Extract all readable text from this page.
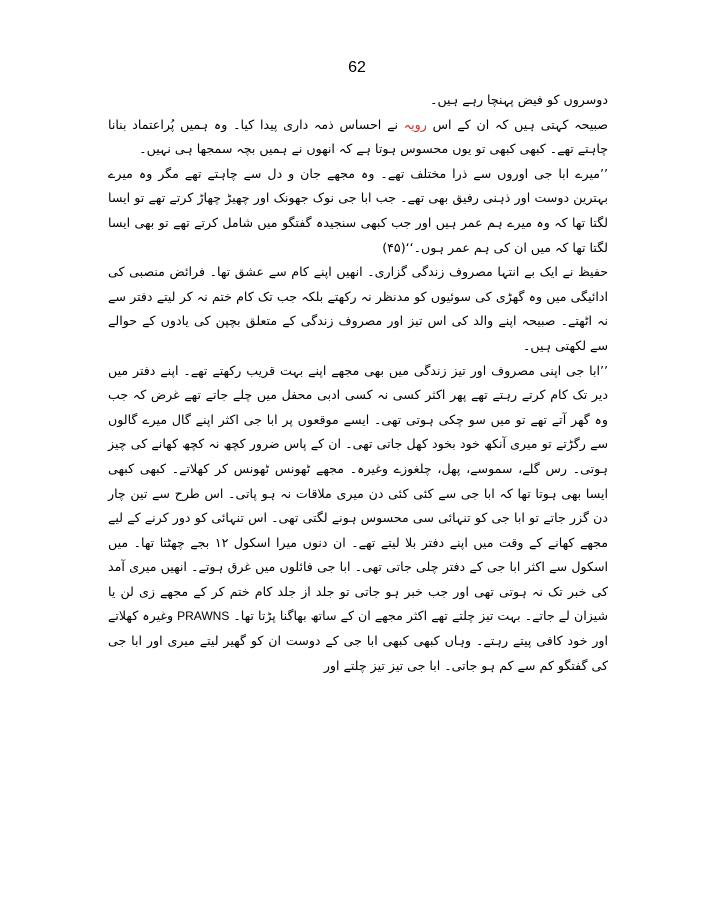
62

دوسروں کو فیض پہنچا رہے ہیں۔

صبیحہ کہتی ہیں کہ ان کے اس رویہ نے احساس ذمہ داری پیدا کیا۔ وہ ہمیں پُراعتماد بنانا چاہتے تھے۔ کبھی کبھی تو یوں محسوس ہوتا ہے کہ انھوں نے ہمیں بچہ سمجھا ہی نہیں۔

’’میرے ابا جی اوروں سے ذرا مختلف تھے۔ وہ مجھے جان و دل سے چاہتے تھے مگر وہ میرے بہترین دوست اور ذہنی رفیق بھی تھے۔ جب ابا جی نوک جھونک اور چھیڑ چھاڑ کرتے تھے تو ایسا لگتا تھا کہ وہ میرے ہم عمر ہیں اور جب کبھی سنجیدہ گفتگو میں شامل کرتے تھے تو بھی ایسا لگتا تھا کہ میں ان کی ہم عمر ہوں۔‘‘(۴۵)

حفیظ نے ایک بے انتہا مصروف زندگی گزاری۔ انھیں اپنے کام سے عشق تھا۔ فرائض منصبی کی ادائیگی میں وہ گھڑی کی سوئیوں کو مدنظر نہ رکھتے بلکہ جب تک کام ختم نہ کر لیتے دفتر سے نہ اٹھتے۔ صبیحہ اپنے والد کی اس تیز اور مصروف زندگی کے متعلق بچپن کی یادوں کے حوالے سے لکھتی ہیں۔

’’ابا جی اپنی مصروف اور تیز زندگی میں بھی مجھے اپنے بہت قریب رکھتے تھے۔ اپنے دفتر میں دیر تک کام کرتے رہتے تھے پھر اکثر کسی نہ کسی ادبی محفل میں چلے جاتے تھے غرض کہ جب وہ گھر آتے تھے تو میں سو چکی ہوتی تھی۔ ایسے موقعوں پر ابا جی اکثر اپنے گال میرے گالوں سے رگڑتے تو میری آنکھ خود بخود کھل جاتی تھی۔ ان کے پاس ضرور کچھ نہ کچھ کھانے کی چیز ہوتی۔ رس گلے، سموسے، پھل، چلغوزے وغیرہ۔ مجھے ٹھونس ٹھونس کر کھلاتے۔ کبھی کبھی ایسا بھی ہوتا تھا کہ ابا جی سے کئی کئی دن میری ملاقات نہ ہو پاتی۔ اس طرح سے تین چار دن گزر جاتے تو ابا جی کو تنہائی سی محسوس ہونے لگتی تھی۔ اس تنہائی کو دور کرنے کے لیے مجھے کھانے کے وقت میں اپنے دفتر بلا لیتے تھے۔ ان دنوں میرا اسکول ۱۲ بجے چھٹتا تھا۔ میں اسکول سے اکثر ابا جی کے دفتر چلی جاتی تھی۔ ابا جی فائلوں میں غرق ہوتے۔ انھیں میری آمد کی خبر تک نہ ہوتی تھی اور جب خبر ہو جاتی تو جلد از جلد کام ختم کر کے مجھے زی لن یا شیزان لے جاتے۔ بہت تیز چلتے تھے اکثر مجھے ان کے ساتھ بھاگنا پڑتا تھا۔ PRAWNS وغیرہ کھلاتے اور خود کافی پیتے رہتے۔ وہاں کبھی کبھی ابا جی کے دوست ان کو گھیر لیتے میری اور ابا جی کی گفتگو کم سے کم ہو جاتی۔ ابا جی تیز تیز چلتے اور
